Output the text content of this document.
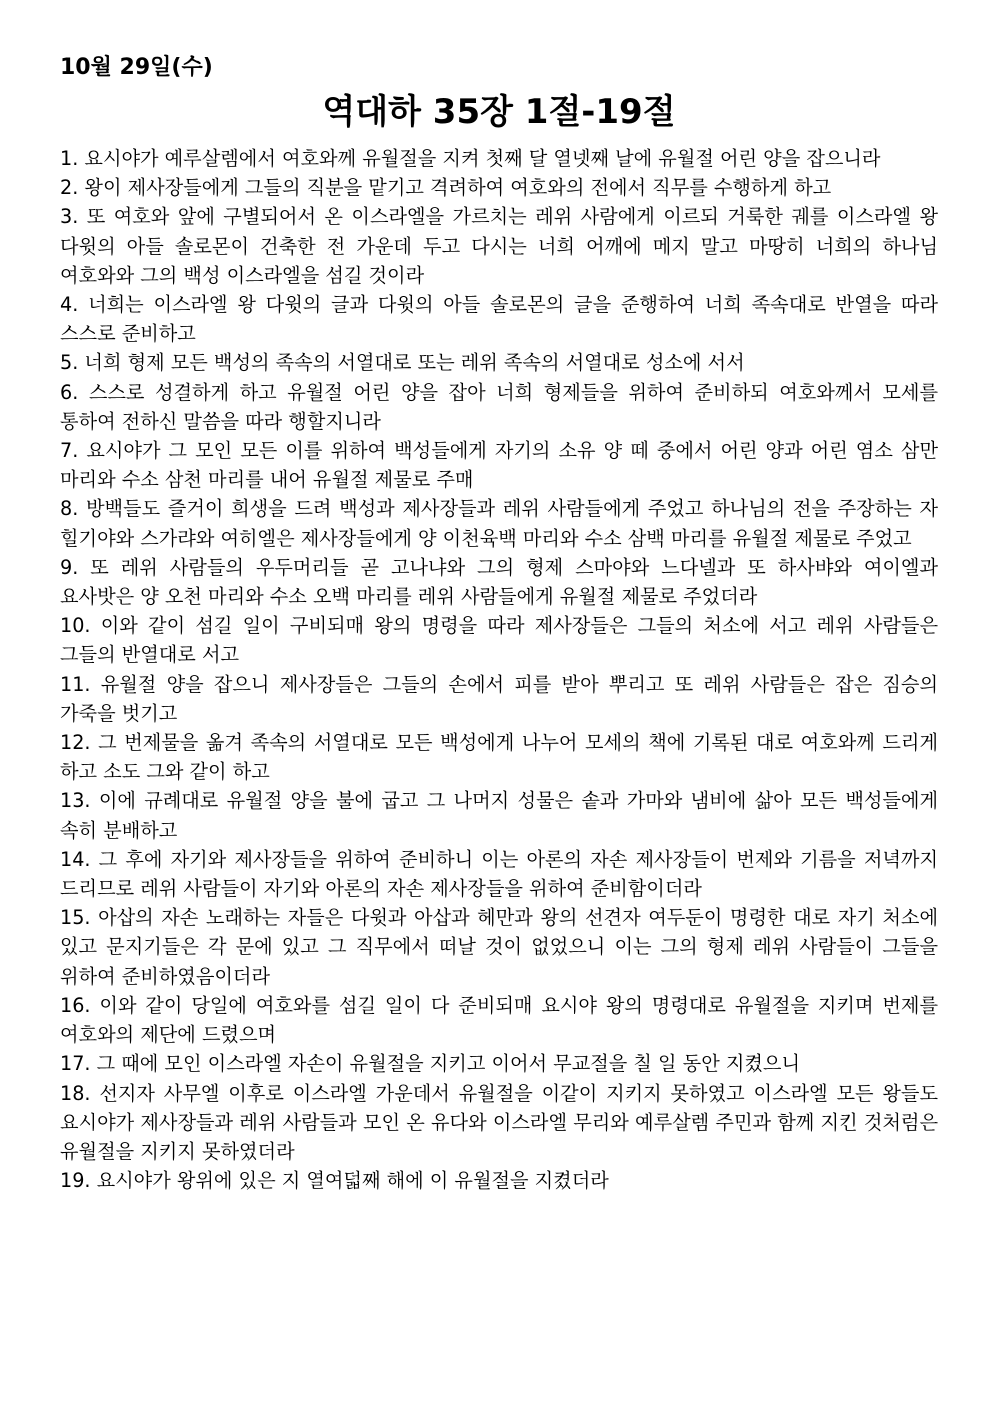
10월 29일(수)
역대하 35장 1절-19절
1. 요시야가 예루살렘에서 여호와께 유월절을 지켜 첫째 달 열넷째 날에 유월절 어린 양을 잡으니라
2. 왕이 제사장들에게 그들의 직분을 맡기고 격려하여 여호와의 전에서 직무를 수행하게 하고
3. 또 여호와 앞에 구별되어서 온 이스라엘을 가르치는 레위 사람에게 이르되 거룩한 궤를 이스라엘 왕 다윗의 아들 솔로몬이 건축한 전 가운데 두고 다시는 너희 어깨에 메지 말고 마땅히 너희의 하나님 여호와와 그의 백성 이스라엘을 섬길 것이라
4. 너희는 이스라엘 왕 다윗의 글과 다윗의 아들 솔로몬의 글을 준행하여 너희 족속대로 반열을 따라 스스로 준비하고
5. 너희 형제 모든 백성의 족속의 서열대로 또는 레위 족속의 서열대로 성소에 서서
6. 스스로 성결하게 하고 유월절 어린 양을 잡아 너희 형제들을 위하여 준비하되 여호와께서 모세를 통하여 전하신 말씀을 따라 행할지니라
7. 요시야가 그 모인 모든 이를 위하여 백성들에게 자기의 소유 양 떼 중에서 어린 양과 어린 염소 삼만 마리와 수소 삼천 마리를 내어 유월절 제물로 주매
8. 방백들도 즐거이 희생을 드려 백성과 제사장들과 레위 사람들에게 주었고 하나님의 전을 주장하는 자 힐기야와 스가랴와 여히엘은 제사장들에게 양 이천육백 마리와 수소 삼백 마리를 유월절 제물로 주었고
9. 또 레위 사람들의 우두머리들 곧 고나냐와 그의 형제 스마야와 느다넬과 또 하사뱌와 여이엘과 요사밧은 양 오천 마리와 수소 오백 마리를 레위 사람들에게 유월절 제물로 주었더라
10. 이와 같이 섬길 일이 구비되매 왕의 명령을 따라 제사장들은 그들의 처소에 서고 레위 사람들은 그들의 반열대로 서고
11. 유월절 양을 잡으니 제사장들은 그들의 손에서 피를 받아 뿌리고 또 레위 사람들은 잡은 짐승의 가죽을 벗기고
12. 그 번제물을 옮겨 족속의 서열대로 모든 백성에게 나누어 모세의 책에 기록된 대로 여호와께 드리게 하고 소도 그와 같이 하고
13. 이에 규례대로 유월절 양을 불에 굽고 그 나머지 성물은 솥과 가마와 냄비에 삶아 모든 백성들에게 속히 분배하고
14. 그 후에 자기와 제사장들을 위하여 준비하니 이는 아론의 자손 제사장들이 번제와 기름을 저녁까지 드리므로 레위 사람들이 자기와 아론의 자손 제사장들을 위하여 준비함이더라
15. 아삽의 자손 노래하는 자들은 다윗과 아삽과 헤만과 왕의 선견자 여두둔이 명령한 대로 자기 처소에 있고 문지기들은 각 문에 있고 그 직무에서 떠날 것이 없었으니 이는 그의 형제 레위 사람들이 그들을 위하여 준비하였음이더라
16. 이와 같이 당일에 여호와를 섬길 일이 다 준비되매 요시야 왕의 명령대로 유월절을 지키며 번제를 여호와의 제단에 드렸으며
17. 그 때에 모인 이스라엘 자손이 유월절을 지키고 이어서 무교절을 칠 일 동안 지켰으니
18. 선지자 사무엘 이후로 이스라엘 가운데서 유월절을 이같이 지키지 못하였고 이스라엘 모든 왕들도 요시야가 제사장들과 레위 사람들과 모인 온 유다와 이스라엘 무리와 예루살렘 주민과 함께 지킨 것처럼은 유월절을 지키지 못하였더라
19. 요시야가 왕위에 있은 지 열여덟째 해에 이 유월절을 지켰더라
